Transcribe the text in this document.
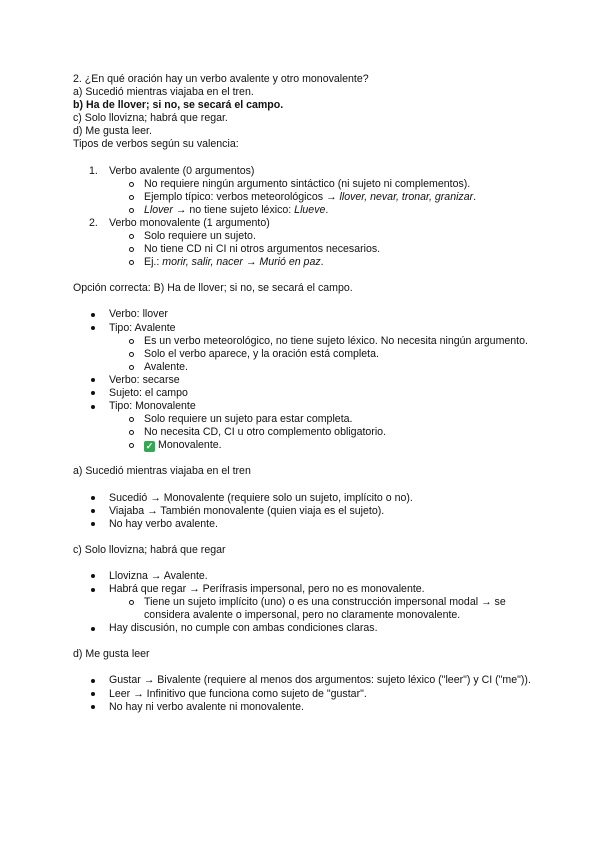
2. ¿En qué oración hay un verbo avalente y otro monovalente?

a) Sucedió mientras viajaba en el tren.

b) Ha de llover; si no, se secará el campo.

c) Solo llovizna; habrá que regar.

d) Me gusta leer.

Tipos de verbos según su valencia:

1. Verbo avalente (0 argumentos)
No requiere ningún argumento sintáctico (ni sujeto ni complementos).
Ejemplo típico: verbos meteorológicos → llover, nevar, tronar, granizar.
Llover → no tiene sujeto léxico: Llueve.
2. Verbo monovalente (1 argumento)
Solo requiere un sujeto.
No tiene CD ni CI ni otros argumentos necesarios.
Ej.: morir, salir, nacer → Murió en paz.

Opción correcta: B) Ha de llover; si no, se secará el campo.

Verbo: llover
Tipo: Avalente
Es un verbo meteorológico, no tiene sujeto léxico. No necesita ningún argumento.
Solo el verbo aparece, y la oración está completa.
Avalente.
Verbo: secarse
Sujeto: el campo
Tipo: Monovalente
Solo requiere un sujeto para estar completa.
No necesita CD, CI u otro complemento obligatorio.
✓ Monovalente.

a) Sucedió mientras viajaba en el tren

Sucedió → Monovalente (requiere solo un sujeto, implícito o no).
Viajaba → También monovalente (quien viaja es el sujeto).
No hay verbo avalente.

c) Solo llovizna; habrá que regar

Llovizna → Avalente.
Habrá que regar → Perífrasis impersonal, pero no es monovalente.
Tiene un sujeto implícito (uno) o es una construcción impersonal modal → se considera avalente o impersonal, pero no claramente monovalente.
Hay discusión, no cumple con ambas condiciones claras.

d) Me gusta leer

Gustar → Bivalente (requiere al menos dos argumentos: sujeto léxico ("leer") y CI ("me")).
Leer → Infinitivo que funciona como sujeto de "gustar".
No hay ni verbo avalente ni monovalente.
